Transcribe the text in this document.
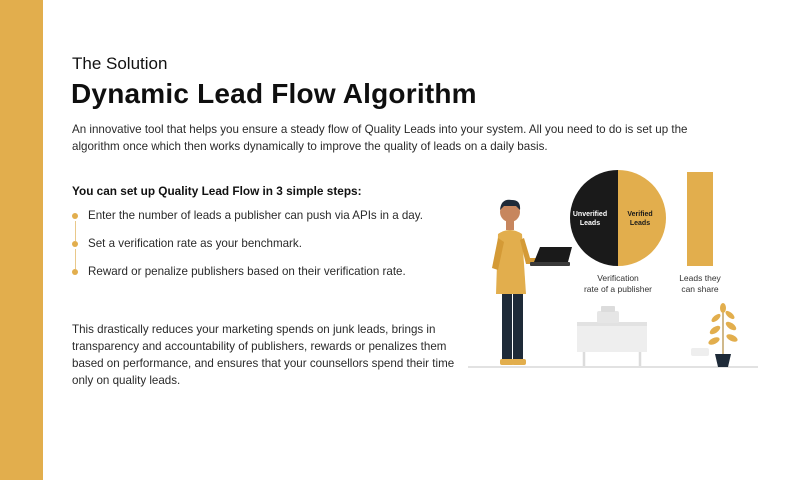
The Solution
Dynamic Lead Flow Algorithm
An innovative tool that helps you ensure a steady flow of Quality Leads into your system. All you need to do is set up the algorithm once which then works dynamically to improve the quality of leads on a daily basis.
You can set up Quality Lead Flow in 3 simple steps:
Enter the number of leads a publisher can push via APIs in a day.
Set a verification rate as your benchmark.
Reward or penalize publishers based on their verification rate.
This drastically reduces your marketing spends on junk leads, brings in transparency and accountability of publishers, rewards or penalizes them based on performance, and ensures that your counsellors spend their time only on quality leads.
Unverified
Leads
Verified
Leads
Verification
rate of a publisher
Leads they
can share
